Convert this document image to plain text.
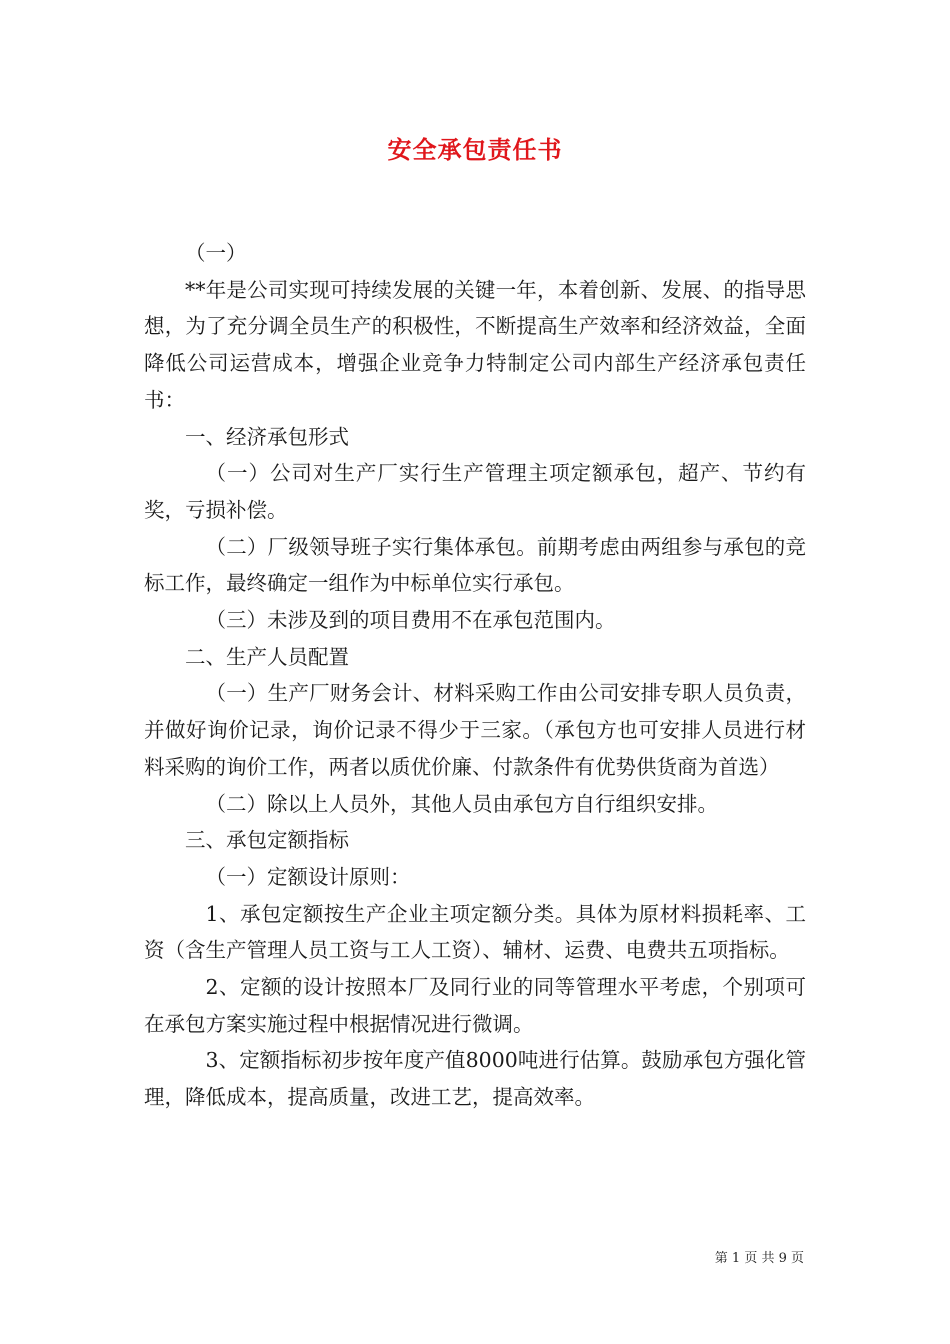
安全承包责任书

（一）

**年是公司实现可持续发展的关键一年，本着创新、发展、的指导思想，为了充分调全员生产的积极性，不断提高生产效率和经济效益，全面降低公司运营成本，增强企业竞争力特制定公司内部生产经济承包责任书：

一、经济承包形式

（一）公司对生产厂实行生产管理主项定额承包，超产、节约有奖，亏损补偿。

（二）厂级领导班子实行集体承包。前期考虑由两组参与承包的竞标工作，最终确定一组作为中标单位实行承包。

（三）未涉及到的项目费用不在承包范围内。

二、生产人员配置

（一）生产厂财务会计、材料采购工作由公司安排专职人员负责，并做好询价记录，询价记录不得少于三家。（承包方也可安排人员进行材料采购的询价工作，两者以质优价廉、付款条件有优势供货商为首选）

（二）除以上人员外，其他人员由承包方自行组织安排。

三、承包定额指标

（一）定额设计原则：

1、承包定额按生产企业主项定额分类。具体为原材料损耗率、工资（含生产管理人员工资与工人工资）、辅材、运费、电费共五项指标。

2、定额的设计按照本厂及同行业的同等管理水平考虑，个别项可在承包方案实施过程中根据情况进行微调。

3、定额指标初步按年度产值8000吨进行估算。鼓励承包方强化管理，降低成本，提高质量，改进工艺，提高效率。

第 1 页 共 9 页
